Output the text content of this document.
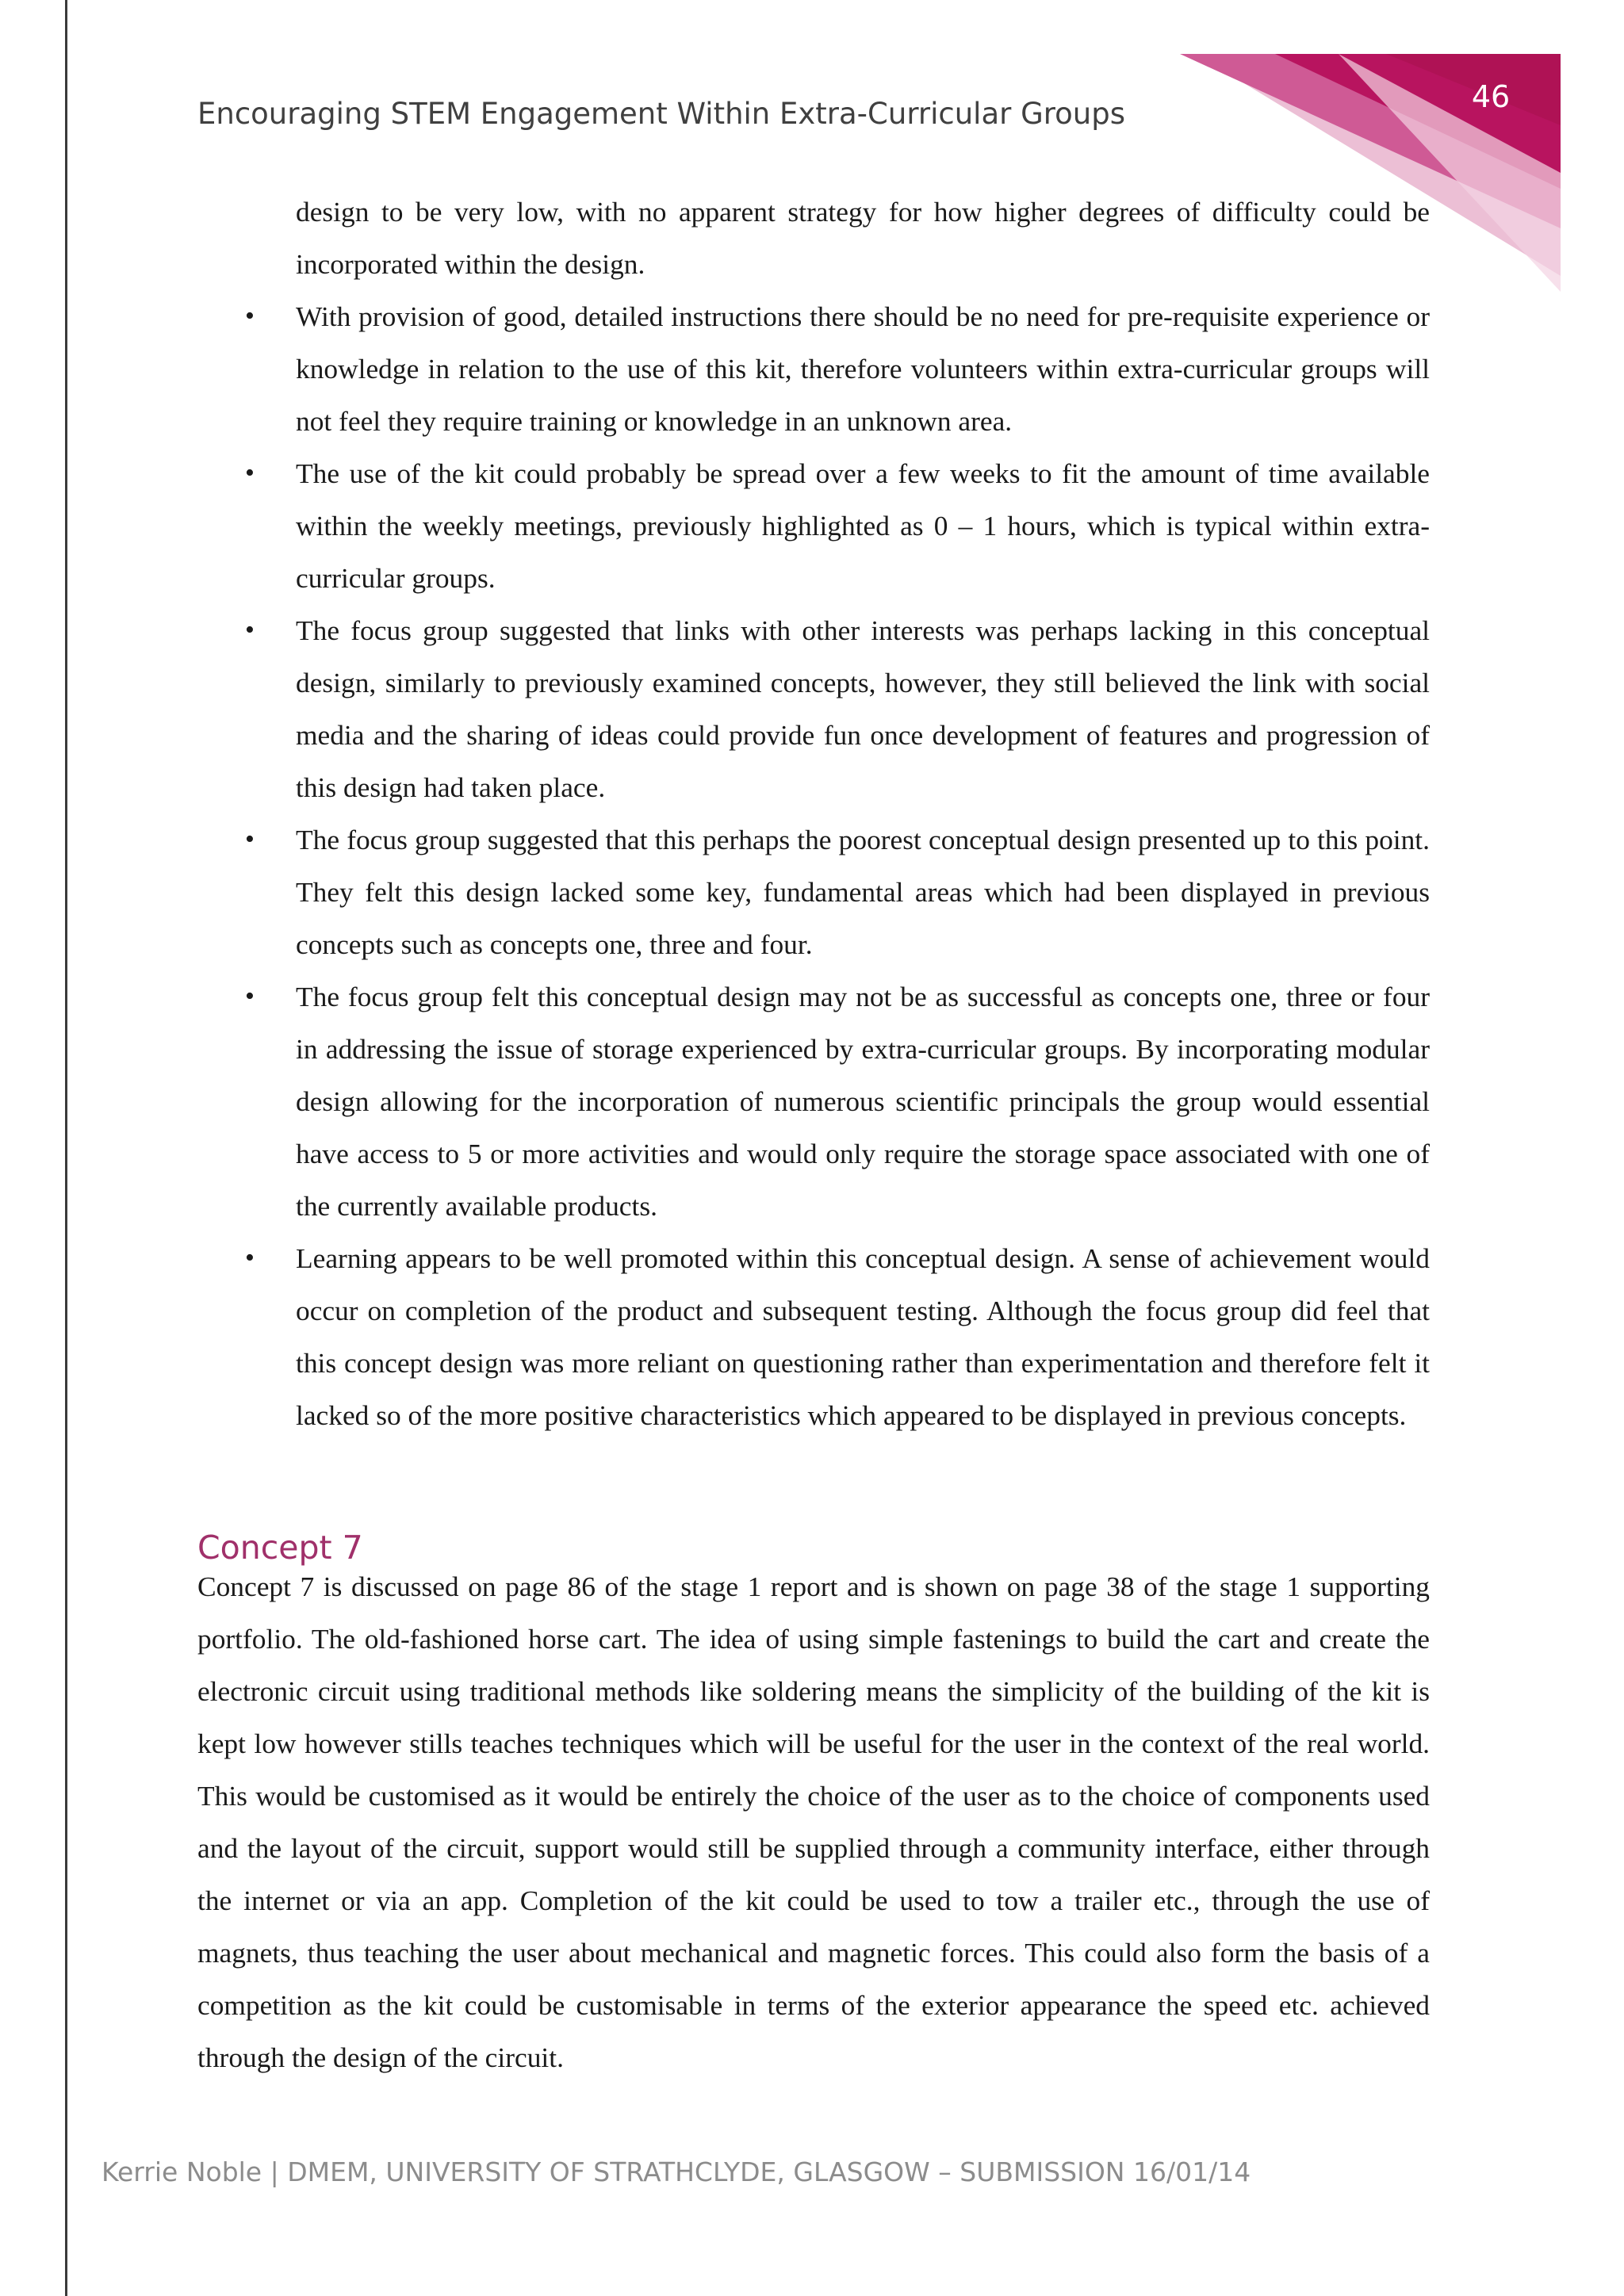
46
Encouraging STEM Engagement Within Extra-Curricular Groups
design to be very low, with no apparent strategy for how higher degrees of difficulty could be incorporated within the design.
• With provision of good, detailed instructions there should be no need for pre-requisite experience or knowledge in relation to the use of this kit, therefore volunteers within extra-curricular groups will not feel they require training or knowledge in an unknown area.
• The use of the kit could probably be spread over a few weeks to fit the amount of time available within the weekly meetings, previously highlighted as 0 – 1 hours, which is typical within extra-curricular groups.
• The focus group suggested that links with other interests was perhaps lacking in this conceptual design, similarly to previously examined concepts, however, they still believed the link with social media and the sharing of ideas could provide fun once development of features and progression of this design had taken place.
• The focus group suggested that this perhaps the poorest conceptual design presented up to this point. They felt this design lacked some key, fundamental areas which had been displayed in previous concepts such as concepts one, three and four.
• The focus group felt this conceptual design may not be as successful as concepts one, three or four in addressing the issue of storage experienced by extra-curricular groups. By incorporating modular design allowing for the incorporation of numerous scientific principals the group would essential have access to 5 or more activities and would only require the storage space associated with one of the currently available products.
• Learning appears to be well promoted within this conceptual design. A sense of achievement would occur on completion of the product and subsequent testing. Although the focus group did feel that this concept design was more reliant on questioning rather than experimentation and therefore felt it lacked so of the more positive characteristics which appeared to be displayed in previous concepts.
Concept 7

Concept 7 is discussed on page 86 of the stage 1 report and is shown on page 38 of the stage 1 supporting portfolio. The old-fashioned horse cart. The idea of using simple fastenings to build the cart and create the electronic circuit using traditional methods like soldering means the simplicity of the building of the kit is kept low however stills teaches techniques which will be useful for the user in the context of the real world. This would be customised as it would be entirely the choice of the user as to the choice of components used and the layout of the circuit, support would still be supplied through a community interface, either through the internet or via an app. Completion of the kit could be used to tow a trailer etc., through the use of magnets, thus teaching the user about mechanical and magnetic forces. This could also form the basis of a competition as the kit could be customisable in terms of the exterior appearance the speed etc. achieved through the design of the circuit.

Kerrie Noble | DMEM, UNIVERSITY OF STRATHCLYDE, GLASGOW – SUBMISSION 16/01/14
